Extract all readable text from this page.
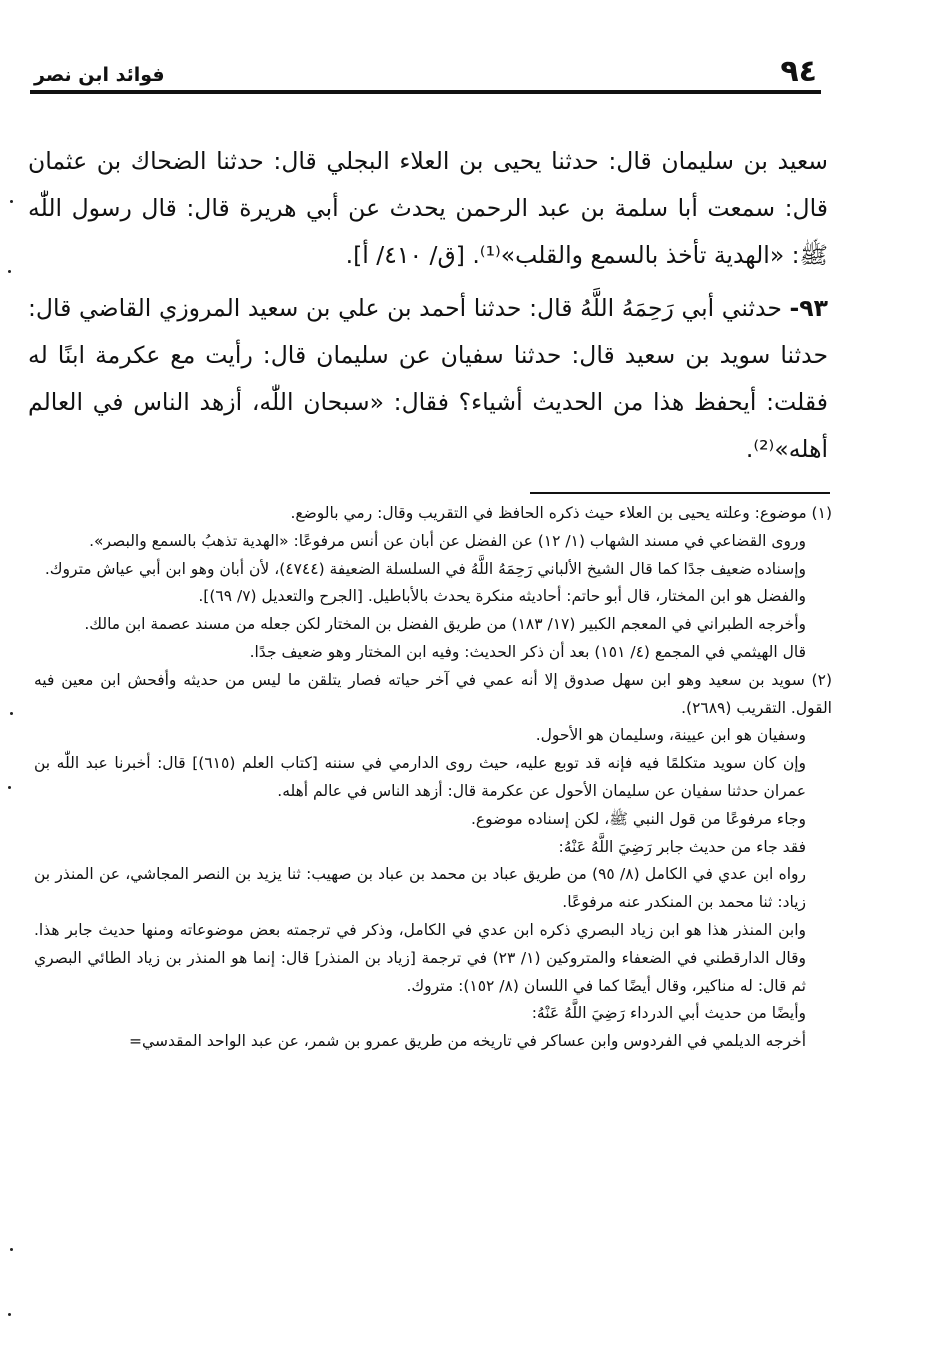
٩٤
فوائد ابن نصر

سعيد بن سليمان قال: حدثنا يحيى بن العلاء البجلي قال: حدثنا الضحاك بن عثمان قال: سمعت أبا سلمة بن عبد الرحمن يحدث عن أبي هريرة قال: قال رسول اللّٰه ﷺ: «الهدية تأخذ بالسمع والقلب»⁽¹⁾. [ق/ ٤١٠/ أ].

٩٣- حدثني أبي رَحِمَهُ اللَّهُ قال: حدثنا أحمد بن علي بن سعيد المروزي القاضي قال: حدثنا سويد بن سعيد قال: حدثنا سفيان عن سليمان قال: رأيت مع عكرمة ابنًا له فقلت: أيحفظ هذا من الحديث أشياء؟ فقال: «سبحان اللّٰه، أزهد الناس في العالم أهله»⁽²⁾.

(١) موضوع: وعلته يحيى بن العلاء حيث ذكره الحافظ في التقريب وقال: رمي بالوضع.

وروى القضاعي في مسند الشهاب (١/ ١٢) عن الفضل عن أبان عن أنس مرفوعًا: «الهدية تذهبُ بالسمع والبصر».

وإسناده ضعيف جدًا كما قال الشيخ الألباني رَحِمَهُ اللَّهُ في السلسلة الضعيفة (٤٧٤٤)، لأن أبان وهو ابن أبي عياش متروك.

والفضل هو ابن المختار، قال أبو حاتم: أحاديثه منكرة يحدث بالأباطيل. [الجرح والتعديل (٧/ ٦٩)].

وأخرجه الطبراني في المعجم الكبير (١٧/ ١٨٣) من طريق الفضل بن المختار لكن جعله من مسند عصمة ابن مالك.

قال الهيثمي في المجمع (٤/ ١٥١) بعد أن ذكر الحديث: وفيه ابن المختار وهو ضعيف جدًا.

(٢) سويد بن سعيد وهو ابن سهل صدوق إلا أنه عمي في آخر حياته فصار يتلقن ما ليس من حديثه وأفحش ابن معين فيه القول. التقريب (٢٦٨٩).

وسفيان هو ابن عيينة، وسليمان هو الأحول.

وإن كان سويد متكلمًا فيه فإنه قد توبع عليه، حيث روى الدارمي في سننه [كتاب العلم (٦١٥)] قال: أخبرنا عبد اللّٰه بن عمران حدثنا سفيان عن سليمان الأحول عن عكرمة قال: أزهد الناس في عالم أهله.

وجاء مرفوعًا من قول النبي ﷺ، لكن إسناده موضوع.

فقد جاء من حديث جابر رَضِيَ اللَّهُ عَنْهُ:

رواه ابن عدي في الكامل (٨/ ٩٥) من طريق عباد بن محمد بن عباد بن صهيب: ثنا يزيد بن النصر المجاشي، عن المنذر بن زياد: ثنا محمد بن المنكدر عنه مرفوعًا.

وابن المنذر هذا هو ابن زياد البصري ذكره ابن عدي في الكامل، وذكر في ترجمته بعض موضوعاته ومنها حديث جابر هذا. وقال الدارقطني في الضعفاء والمتروكين (١/ ٢٣) في ترجمة [زياد بن المنذر] قال: إنما هو المنذر بن زياد الطائي البصري ثم قال: له مناكير، وقال أيضًا كما في اللسان (٨/ ١٥٢): متروك.

وأيضًا من حديث أبي الدرداء رَضِيَ اللَّهُ عَنْهُ:

أخرجه الديلمي في الفردوس وابن عساكر في تاريخه من طريق عمرو بن شمر، عن عبد الواحد المقدسي=
